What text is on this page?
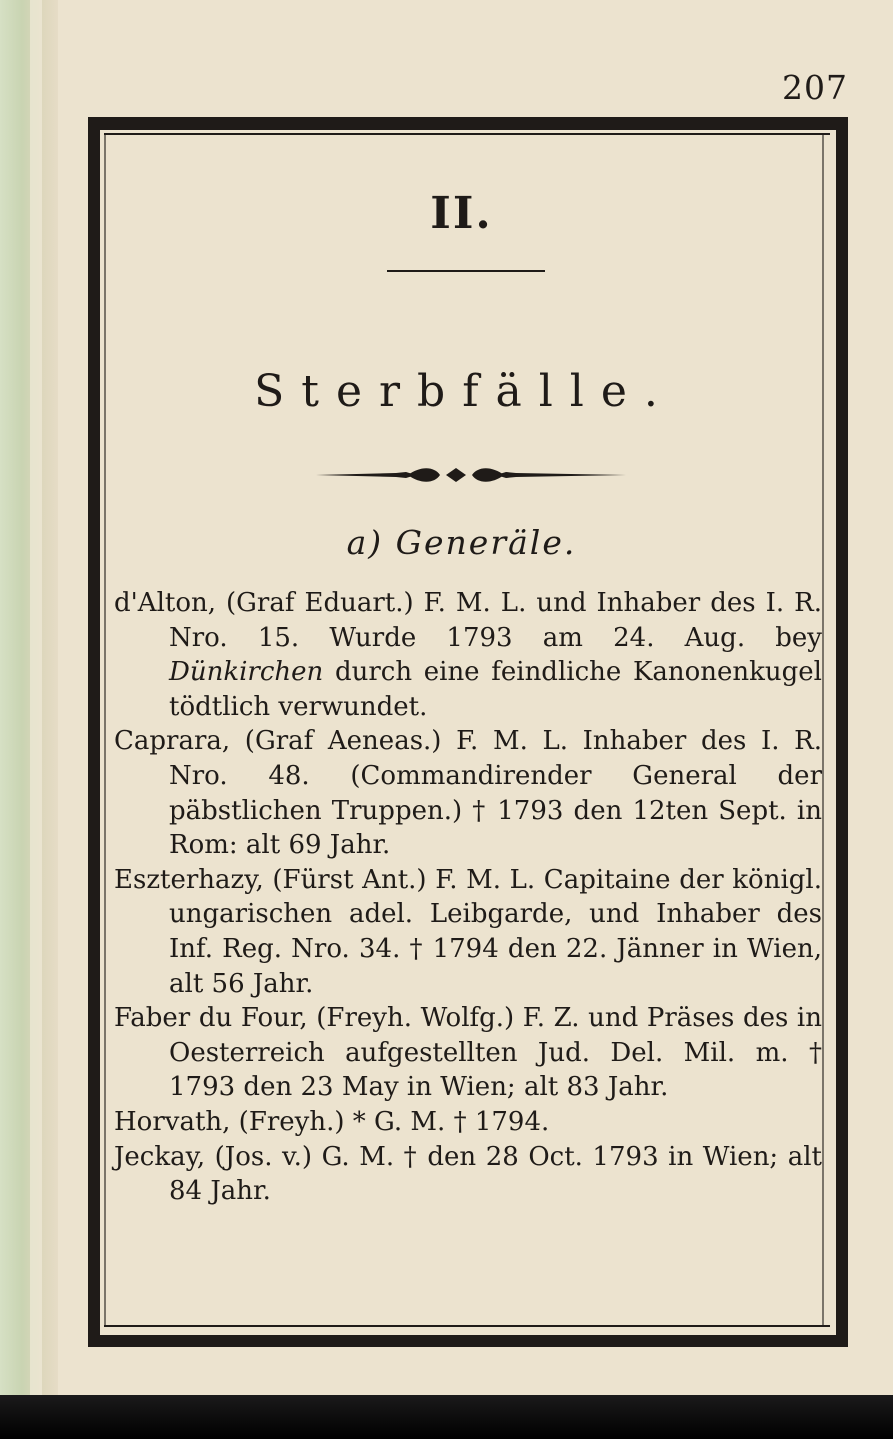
207
II.
Sterbfälle.
a) Generäle.
d'Alton, (Graf Eduart.) F. M. L. und Inhaber des I. R. Nro. 15. Wurde 1793 am 24. Aug. bey Dünkirchen durch eine feindliche Kanonenkugel tödtlich verwundet.
Caprara, (Graf Aeneas.) F. M. L. Inhaber des I. R. Nro. 48. (Commandirender General der päbstlichen Truppen.) † 1793 den 12ten Sept. in Rom: alt 69 Jahr.
Eszterhazy, (Fürst Ant.) F. M. L. Capitaine der königl. ungarischen adel. Leibgarde, und Inhaber des Inf. Reg. Nro. 34. † 1794 den 22. Jänner in Wien, alt 56 Jahr.
Faber du Four, (Freyh. Wolfg.) F. Z. und Präses des in Oesterreich aufgestellten Jud. Del. Mil. m. † 1793 den 23 May in Wien; alt 83 Jahr.
Horvath, (Freyh.) * G. M. † 1794.
Jeckay, (Jos. v.) G. M. † den 28 Oct. 1793 in Wien; alt 84 Jahr.
